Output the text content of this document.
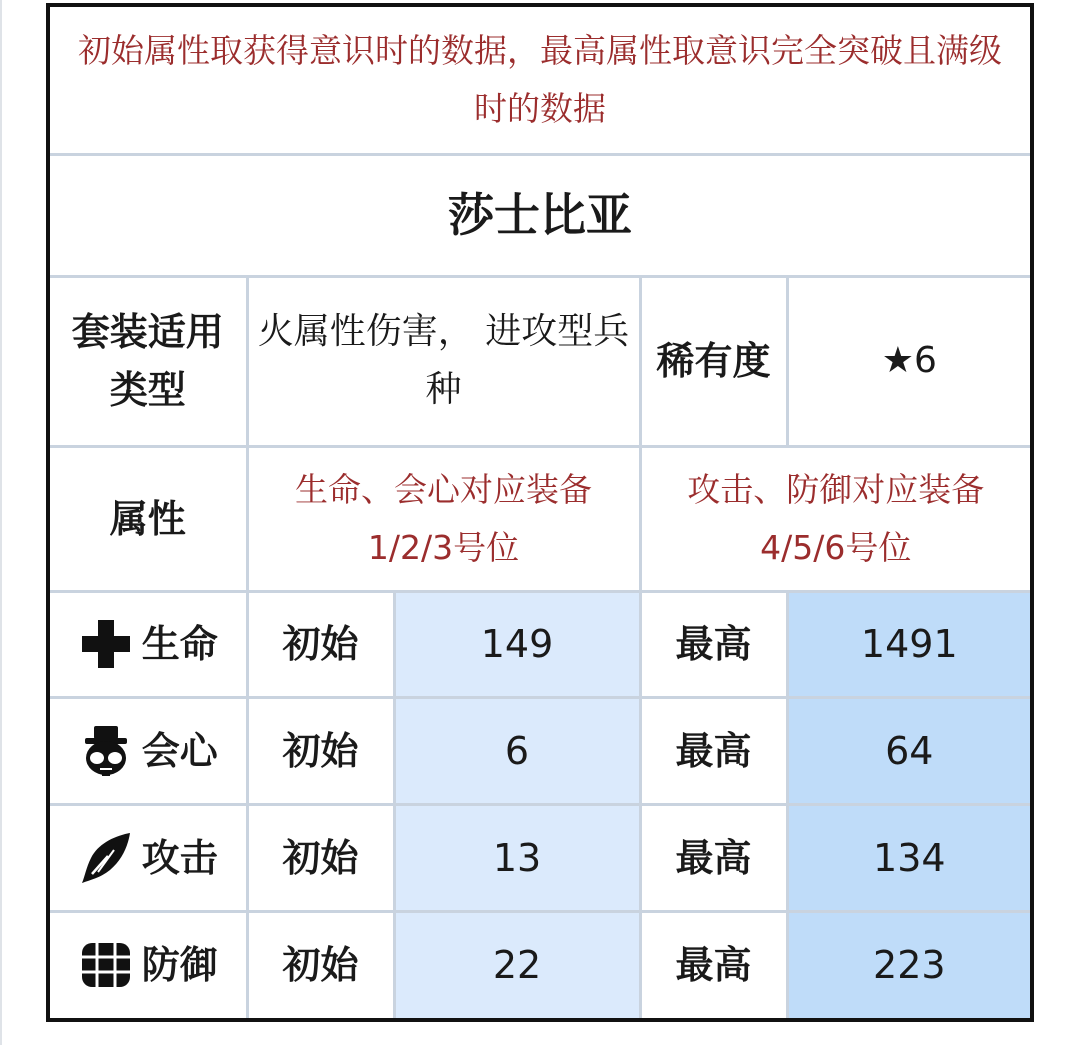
初始属性取获得意识时的数据，最高属性取意识完全突破且满级时的数据				
莎士比亚				
套装适用类型	火属性伤害， 进攻型兵种		稀有度	★6
属性	生命、会心对应装备1/2/3号位		攻击、防御对应装备4/5/6号位	

生命	初始	149	最高	1491

会心	初始	6	最高	64

攻击	初始	13	最高	134

防御	初始	22	最高	223
